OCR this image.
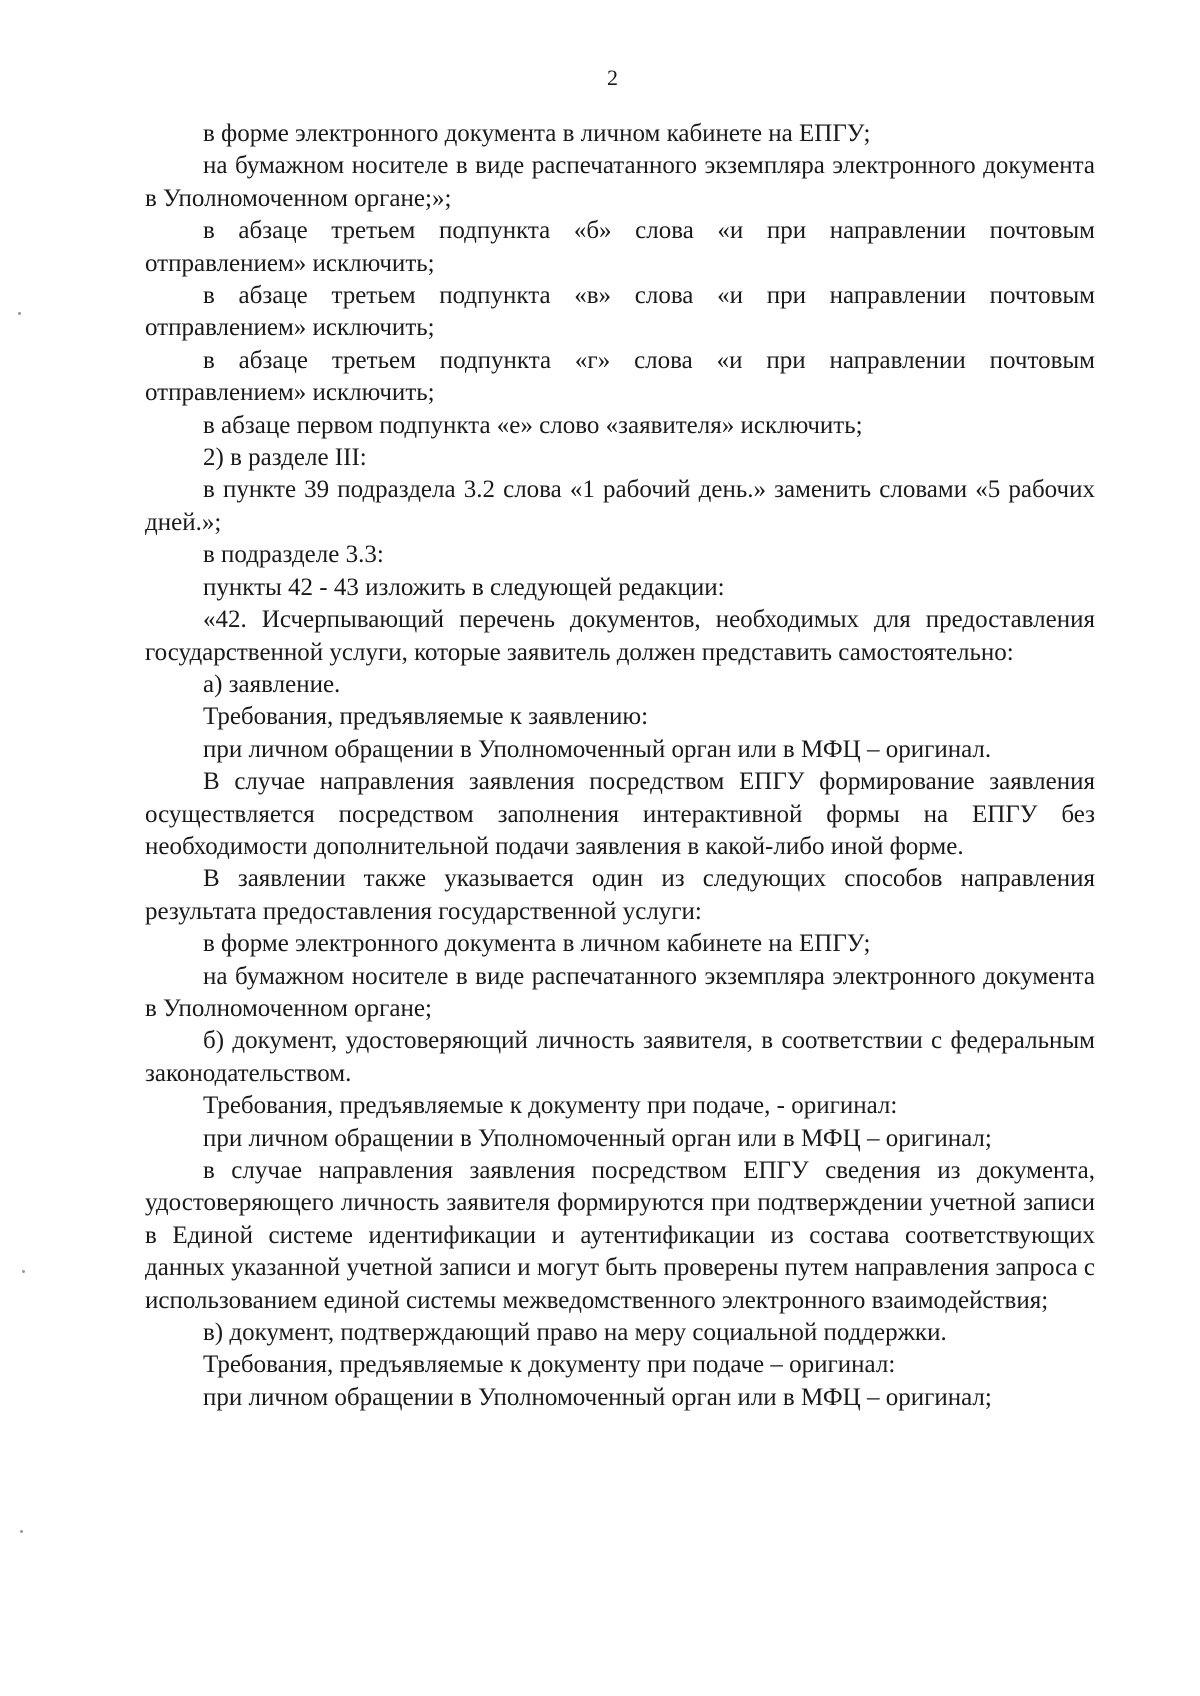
2

в форме электронного документа в личном кабинете на ЕПГУ;

на бумажном носителе в виде распечатанного экземпляра электронного документа в Уполномоченном органе;»;

в абзаце третьем подпункта «б» слова «и при направлении почтовым отправлением» исключить;

в абзаце третьем подпункта «в» слова «и при направлении почтовым отправлением» исключить;

в абзаце третьем подпункта «г» слова «и при направлении почтовым отправлением» исключить;

в абзаце первом подпункта «е» слово «заявителя» исключить;

2) в разделе III:

в пункте 39 подраздела 3.2 слова «1 рабочий день.» заменить словами «5 рабочих дней.»;

в подразделе 3.3:

пункты 42 - 43 изложить в следующей редакции:

«42. Исчерпывающий перечень документов, необходимых для предоставления государственной услуги, которые заявитель должен представить самостоятельно:

а) заявление.

Требования, предъявляемые к заявлению:

при личном обращении в Уполномоченный орган или в МФЦ – оригинал.

В случае направления заявления посредством ЕПГУ формирование заявления осуществляется посредством заполнения интерактивной формы на ЕПГУ без необходимости дополнительной подачи заявления в какой-либо иной форме.

В заявлении также указывается один из следующих способов направления результата предоставления государственной услуги:

в форме электронного документа в личном кабинете на ЕПГУ;

на бумажном носителе в виде распечатанного экземпляра электронного документа в Уполномоченном органе;

б) документ, удостоверяющий личность заявителя, в соответствии с федеральным законодательством.

Требования, предъявляемые к документу при подаче, - оригинал:

при личном обращении в Уполномоченный орган или в МФЦ – оригинал;

в случае направления заявления посредством ЕПГУ сведения из документа, удостоверяющего личность заявителя формируются при подтверждении учетной записи в Единой системе идентификации и аутентификации из состава соответствующих данных указанной учетной записи и могут быть проверены путем направления запроса с использованием единой системы межведомственного электронного взаимодействия;

в) документ, подтверждающий право на меру социальной поддержки.

Требования, предъявляемые к документу при подаче – оригинал:

при личном обращении в Уполномоченный орган или в МФЦ – оригинал;
